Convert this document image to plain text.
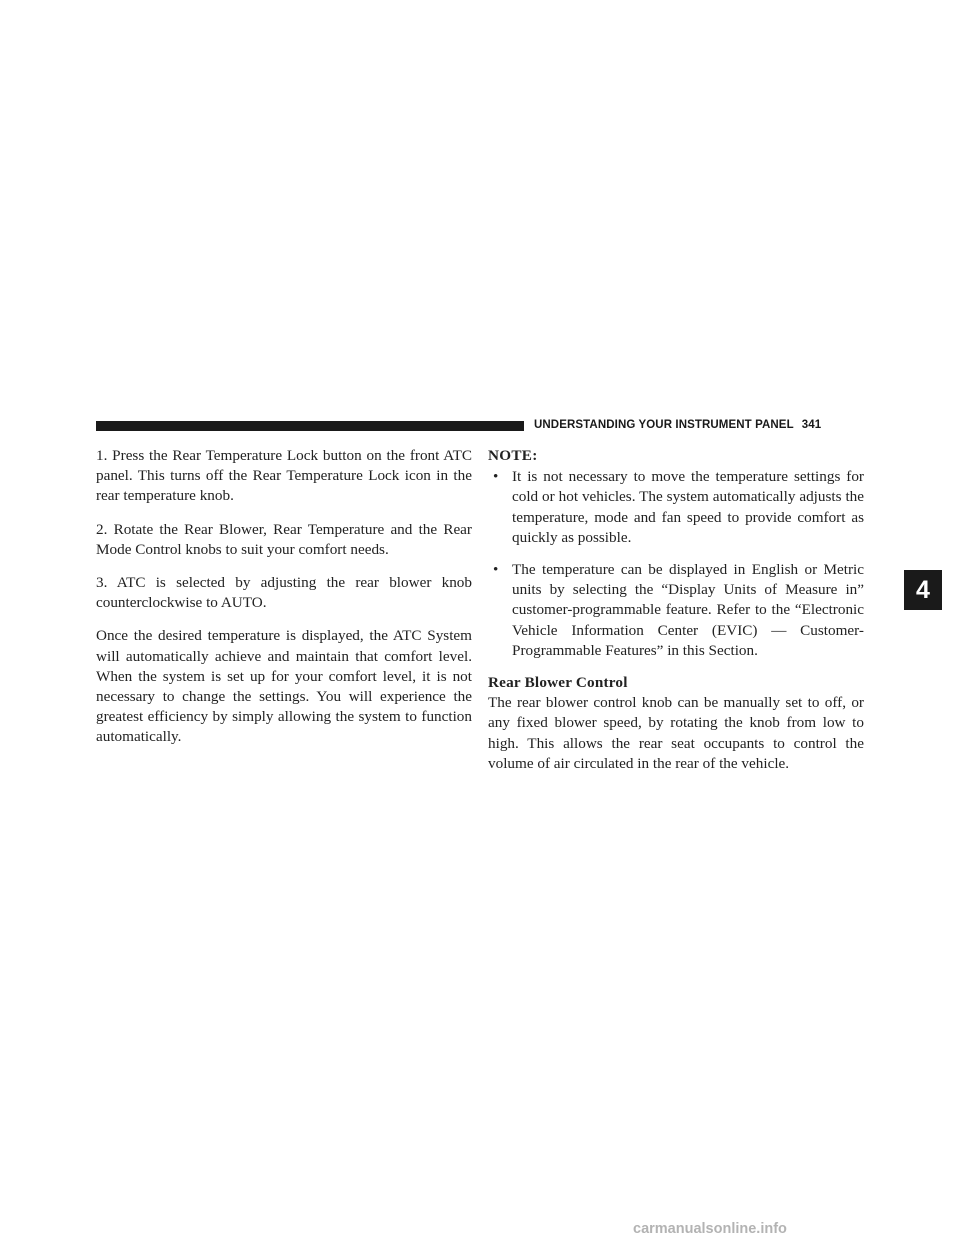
UNDERSTANDING YOUR INSTRUMENT PANEL 341

1. Press the Rear Temperature Lock button on the front ATC panel. This turns off the Rear Temperature Lock icon in the rear temperature knob.

2. Rotate the Rear Blower, Rear Temperature and the Rear Mode Control knobs to suit your comfort needs.

3. ATC is selected by adjusting the rear blower knob counterclockwise to AUTO.

Once the desired temperature is displayed, the ATC System will automatically achieve and maintain that comfort level. When the system is set up for your comfort level, it is not necessary to change the settings. You will experience the greatest efficiency by simply allowing the system to function automatically.

NOTE:
• It is not necessary to move the temperature settings for cold or hot vehicles. The system automatically adjusts the temperature, mode and fan speed to provide comfort as quickly as possible.
• The temperature can be displayed in English or Metric units by selecting the “Display Units of Measure in” customer-programmable feature. Refer to the “Electronic Vehicle Information Center (EVIC) — Customer-Programmable Features” in this Section.
Rear Blower Control

The rear blower control knob can be manually set to off, or any fixed blower speed, by rotating the knob from low to high. This allows the rear seat occupants to control the volume of air circulated in the rear of the vehicle.

4
carmanualsonline.info
